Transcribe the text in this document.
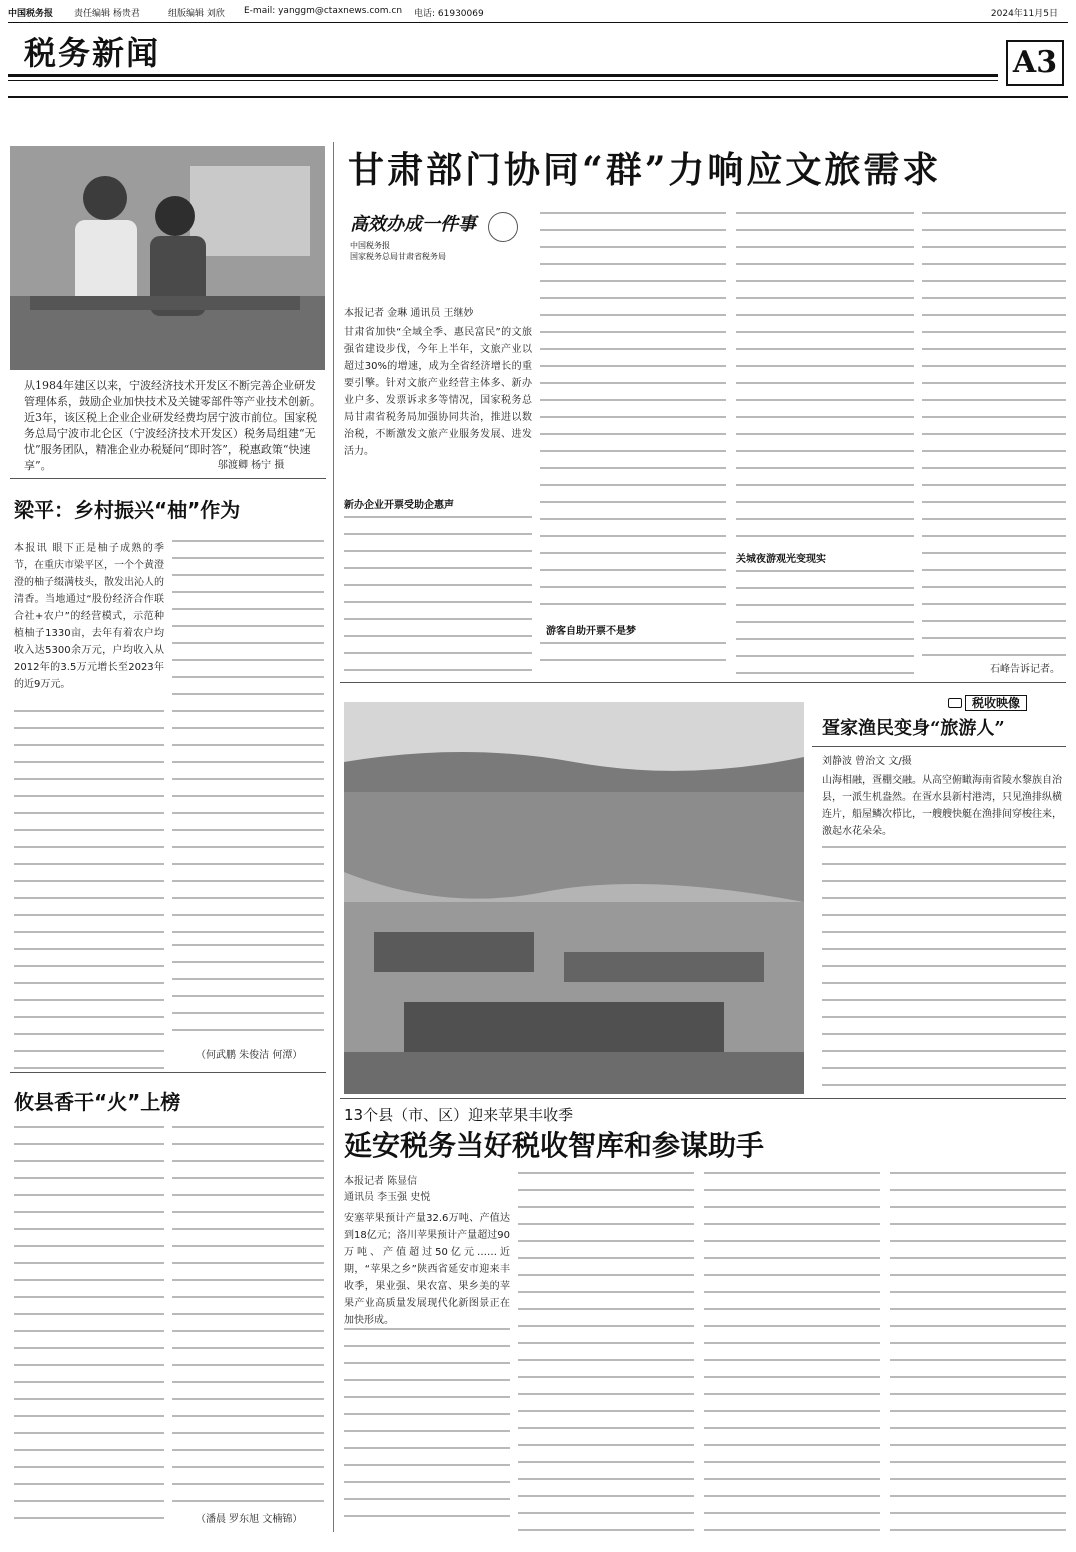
中国税务报 责任编辑 杨贵君	组版编辑 刘欣 E-mail: yanggm@ctaxnews.com.cn 电话: 61930069	2024年11月5日
税务新闻	A3
从1984年建区以来，宁波经济技术开发区不断完善企业研发管理体系，鼓励企业加快技术及关键零部件等产业技术创新。近3年，该区税上企业企业研发经费均居宁波市前位。国家税务总局宁波市北仑区（宁波经济技术开发区）税务局组建“无忧”服务团队，精准企业办税疑问“即时答”，税惠政策“快速享”。	邬渡卿 杨宁 摄
梁平：乡村振兴“柚”作为
本报讯 眼下正是柚子成熟的季节，在重庆市梁平区，一个个黄澄澄的柚子缀满枝头，散发出沁人的清香。当地通过“股份经济合作联合社+农户”的经营模式，示范种植柚子1330亩，去年有着农户均收入达5300余万元，户均收入从2012年的3.5万元增长至2023年的近9万元。
（何武鹏 朱俊洁 何潭）
攸县香干“火”上榜
（潘晨 罗东旭 文楠锦）
甘肃部门协同“群”力响应文旅需求
高效办成一件事
中国税务报
国家税务总局甘肃省税务局
本报记者 金琳 通讯员 王继妙
甘肃省加快“全域全季、惠民富民”的文旅强省建设步伐，今年上半年，文旅产业以超过30%的增速，成为全省经济增长的重要引擎。针对文旅产业经营主体多、新办业户多、发票诉求多等情况，国家税务总局甘肃省税务局加强协同共治，推进以数治税，不断激发文旅产业服务发展、进发活力。
新办企业开票受助企惠声
游客自助开票不是梦
关城夜游观光变现实
石峰告诉记者。
税收映像
疍家渔民变身“旅游人”
刘静波 曾治文 文/摄
山海相融，疍棚交融。从高空俯瞰海南省陵水黎族自治县，一派生机盎然。在疍水县新村港湾，只见渔排纵横连片，船屋鳞次栉比，一艘艘快艇在渔排间穿梭往来，激起水花朵朵。
13个县（市、区）迎来苹果丰收季
延安税务当好税收智库和参谋助手
本报记者 陈显信
通讯员 李玉强 史悦
安塞苹果预计产量32.6万吨、产值达到18亿元；洛川苹果预计产量超过90万吨、产值超过50亿元……近期，“苹果之乡”陕西省延安市迎来丰收季，果业强、果农富、果乡美的苹果产业高质量发展现代化新图景正在加快形成。
